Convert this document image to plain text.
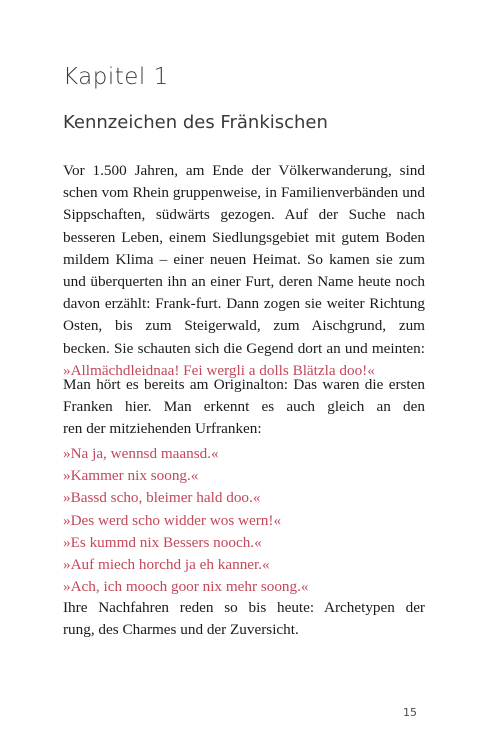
Kapitel 1
Kennzeichen des Fränkischen
Vor 1.500 Jahren, am Ende der Völkerwanderung, sind
schen vom Rhein gruppenweise, in Familienverbänden und
Sippschaften, südwärts gezogen. Auf der Suche nach
besseren Leben, einem Siedlungsgebiet mit gutem Boden
mildem Klima – einer neuen Heimat. So kamen sie zum
und überquerten ihn an einer Furt, deren Name heute noch
davon erzählt: Frank-furt. Dann zogen sie weiter Richtung
Osten, bis zum Steigerwald, zum Aischgrund, zum
becken. Sie schauten sich die Gegend dort an und meinten:
»Allmächdleidnaa! Fei wergli a dolls Blätzla doo!«
Man hört es bereits am Originalton: Das waren die ersten
Franken hier. Man erkennt es auch gleich an den
ren der mitziehenden Urfranken:
»Na ja, wennsd maansd.«
»Kammer nix soong.«
»Bassd scho, bleimer hald doo.«
»Des werd scho widder wos wern!«
»Es kummd nix Bessers nooch.«
»Auf miech horchd ja eh kanner.«
»Ach, ich mooch goor nix mehr soong.«
Ihre Nachfahren reden so bis heute: Archetypen der
rung, des Charmes und der Zuversicht.
15
